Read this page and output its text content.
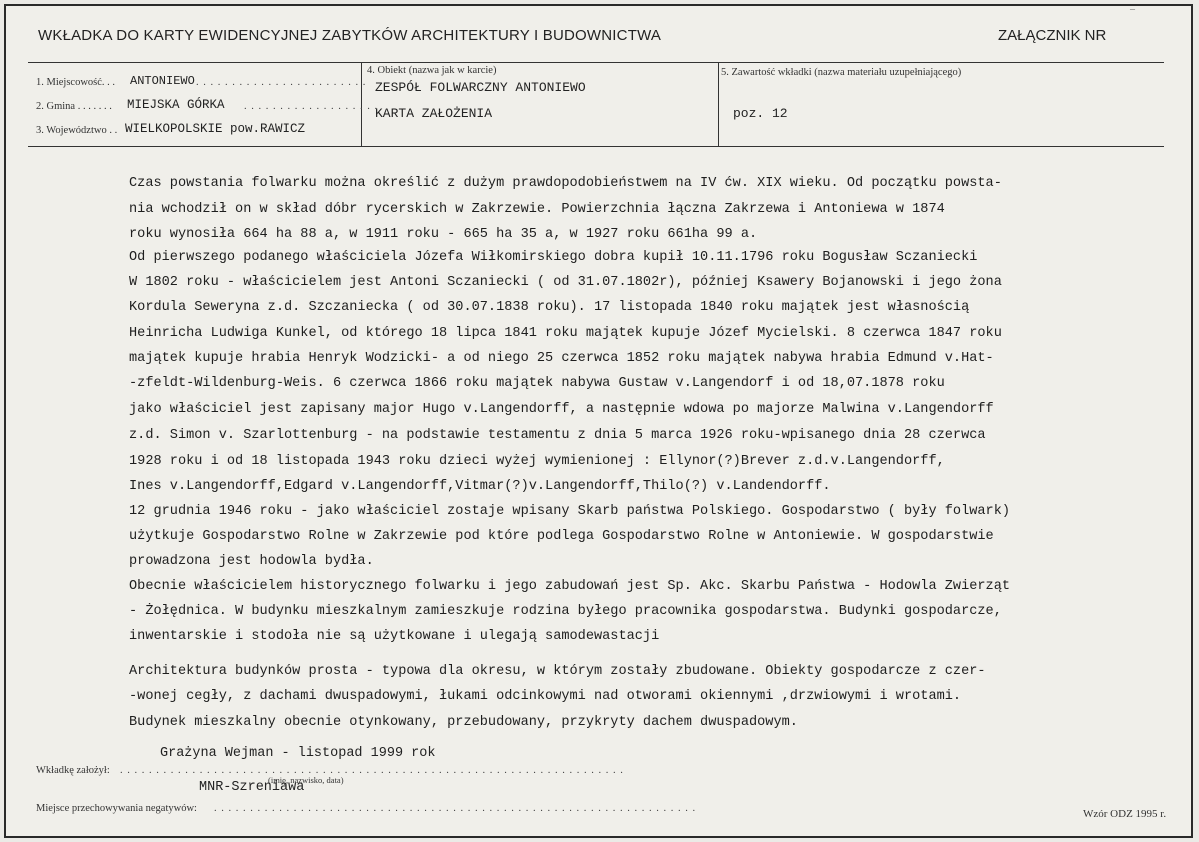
–
WKŁADKA DO KARTY EWIDENCYJNEJ ZABYTKÓW ARCHITEKTURY I BUDOWNICTWA	ZAŁĄCZNIK NR
1. Miejscowość. . . ANTONIEWO . . . . . . . . . . . . . . . . . . . . . . . .
2. Gmina . . . . . . . MIEJSKA GÓRKA . . . . . . . . . . . . . . . . . . .
3. Województwo . . WIELKOPOLSKIE pow.RAWICZ
4. Obiekt (nazwa jak w karcie)
ZESPÓŁ FOLWARCZNY ANTONIEWO
KARTA ZAŁOŻENIA
5. Zawartość wkładki (nazwa materiału uzupełniającego)
poz. 12
Czas powstania folwarku można określić z dużym prawdopodobieństwem na IV ćw. XIX wieku. Od początku powsta-
nia wchodził on w skład dóbr rycerskich w Zakrzewie. Powierzchnia łączna Zakrzewa i Antoniewa w 1874
roku wynosiła 664 ha 88 a, w 1911 roku - 665 ha 35 a, w 1927 roku 661ha 99 a.
Od pierwszego podanego właściciela Józefa Wiłkomirskiego dobra kupił 10.11.1796 roku Bogusław Sczaniecki
W 1802 roku - właścicielem jest Antoni Sczaniecki ( od 31.07.1802r), później Ksawery Bojanowski i jego żona
Kordula Seweryna z.d. Szczaniecka ( od 30.07.1838 roku). 17 listopada 1840 roku majątek jest własnością
Heinricha Ludwiga Kunkel, od którego 18 lipca 1841 roku majątek kupuje Józef Mycielski. 8 czerwca 1847 roku
majątek kupuje hrabia Henryk Wodzicki- a od niego 25 czerwca 1852 roku majątek nabywa hrabia Edmund v.Hat-
-zfeldt-Wildenburg-Weis. 6 czerwca 1866 roku majątek nabywa Gustaw v.Langendorf i od 18,07.1878 roku
jako właściciel jest zapisany major Hugo v.Langendorff, a następnie wdowa po majorze Malwina v.Langendorff
z.d. Simon v. Szarlottenburg - na podstawie testamentu z dnia 5 marca 1926 roku-wpisanego dnia 28 czerwca
1928 roku i od 18 listopada 1943 roku dzieci wyżej wymienionej : Ellynor(?)Brever z.d.v.Langendorff,
Ines v.Langendorff,Edgard v.Langendorff,Vitmar(?)v.Langendorff,Thilo(?) v.Landendorff.
12 grudnia 1946 roku - jako właściciel zostaje wpisany Skarb państwa Polskiego. Gospodarstwo ( były folwark)
użytkuje Gospodarstwo Rolne w Zakrzewie pod które podlega Gospodarstwo Rolne w Antoniewie. W gospodarstwie
prowadzona jest hodowla bydła.
Obecnie właścicielem historycznego folwarku i jego zabudowań jest Sp. Akc. Skarbu Państwa - Hodowla Zwierząt
- Żołędnica. W budynku mieszkalnym zamieszkuje rodzina byłego pracownika gospodarstwa. Budynki gospodarcze,
inwentarskie i stodoła nie są użytkowane i ulegają samodewastacji
Architektura budynków prosta - typowa dla okresu, w którym zostały zbudowane. Obiekty gospodarcze z czer-
-wonej cegły, z dachami dwuspadowymi, łukami odcinkowymi nad otworami okiennymi ,drzwiowymi i wrotami.
Budynek mieszkalny obecnie otynkowany, przebudowany, przykryty dachem dwuspadowym.
Grażyna Wejman - listopad 1999 rok
Wkładkę założył: . . . . . . . . . . . . . . . . . . . . . . . . . . . . . . . . . . . . . . . . . . . . . . . . . . . . . . . . . . . . . . . . . . . . . .
(imię, nazwisko, data)
MNR-Szreniawa
Miejsce przechowywania negatywów: . . . . . . . . . . . . . . . . . . . . . . . . . . . . . . . . . . . . . . . . . . . . . . . . . . . . . . . . . . . . . . . . . . .	Wzór ODZ 1995 r.
